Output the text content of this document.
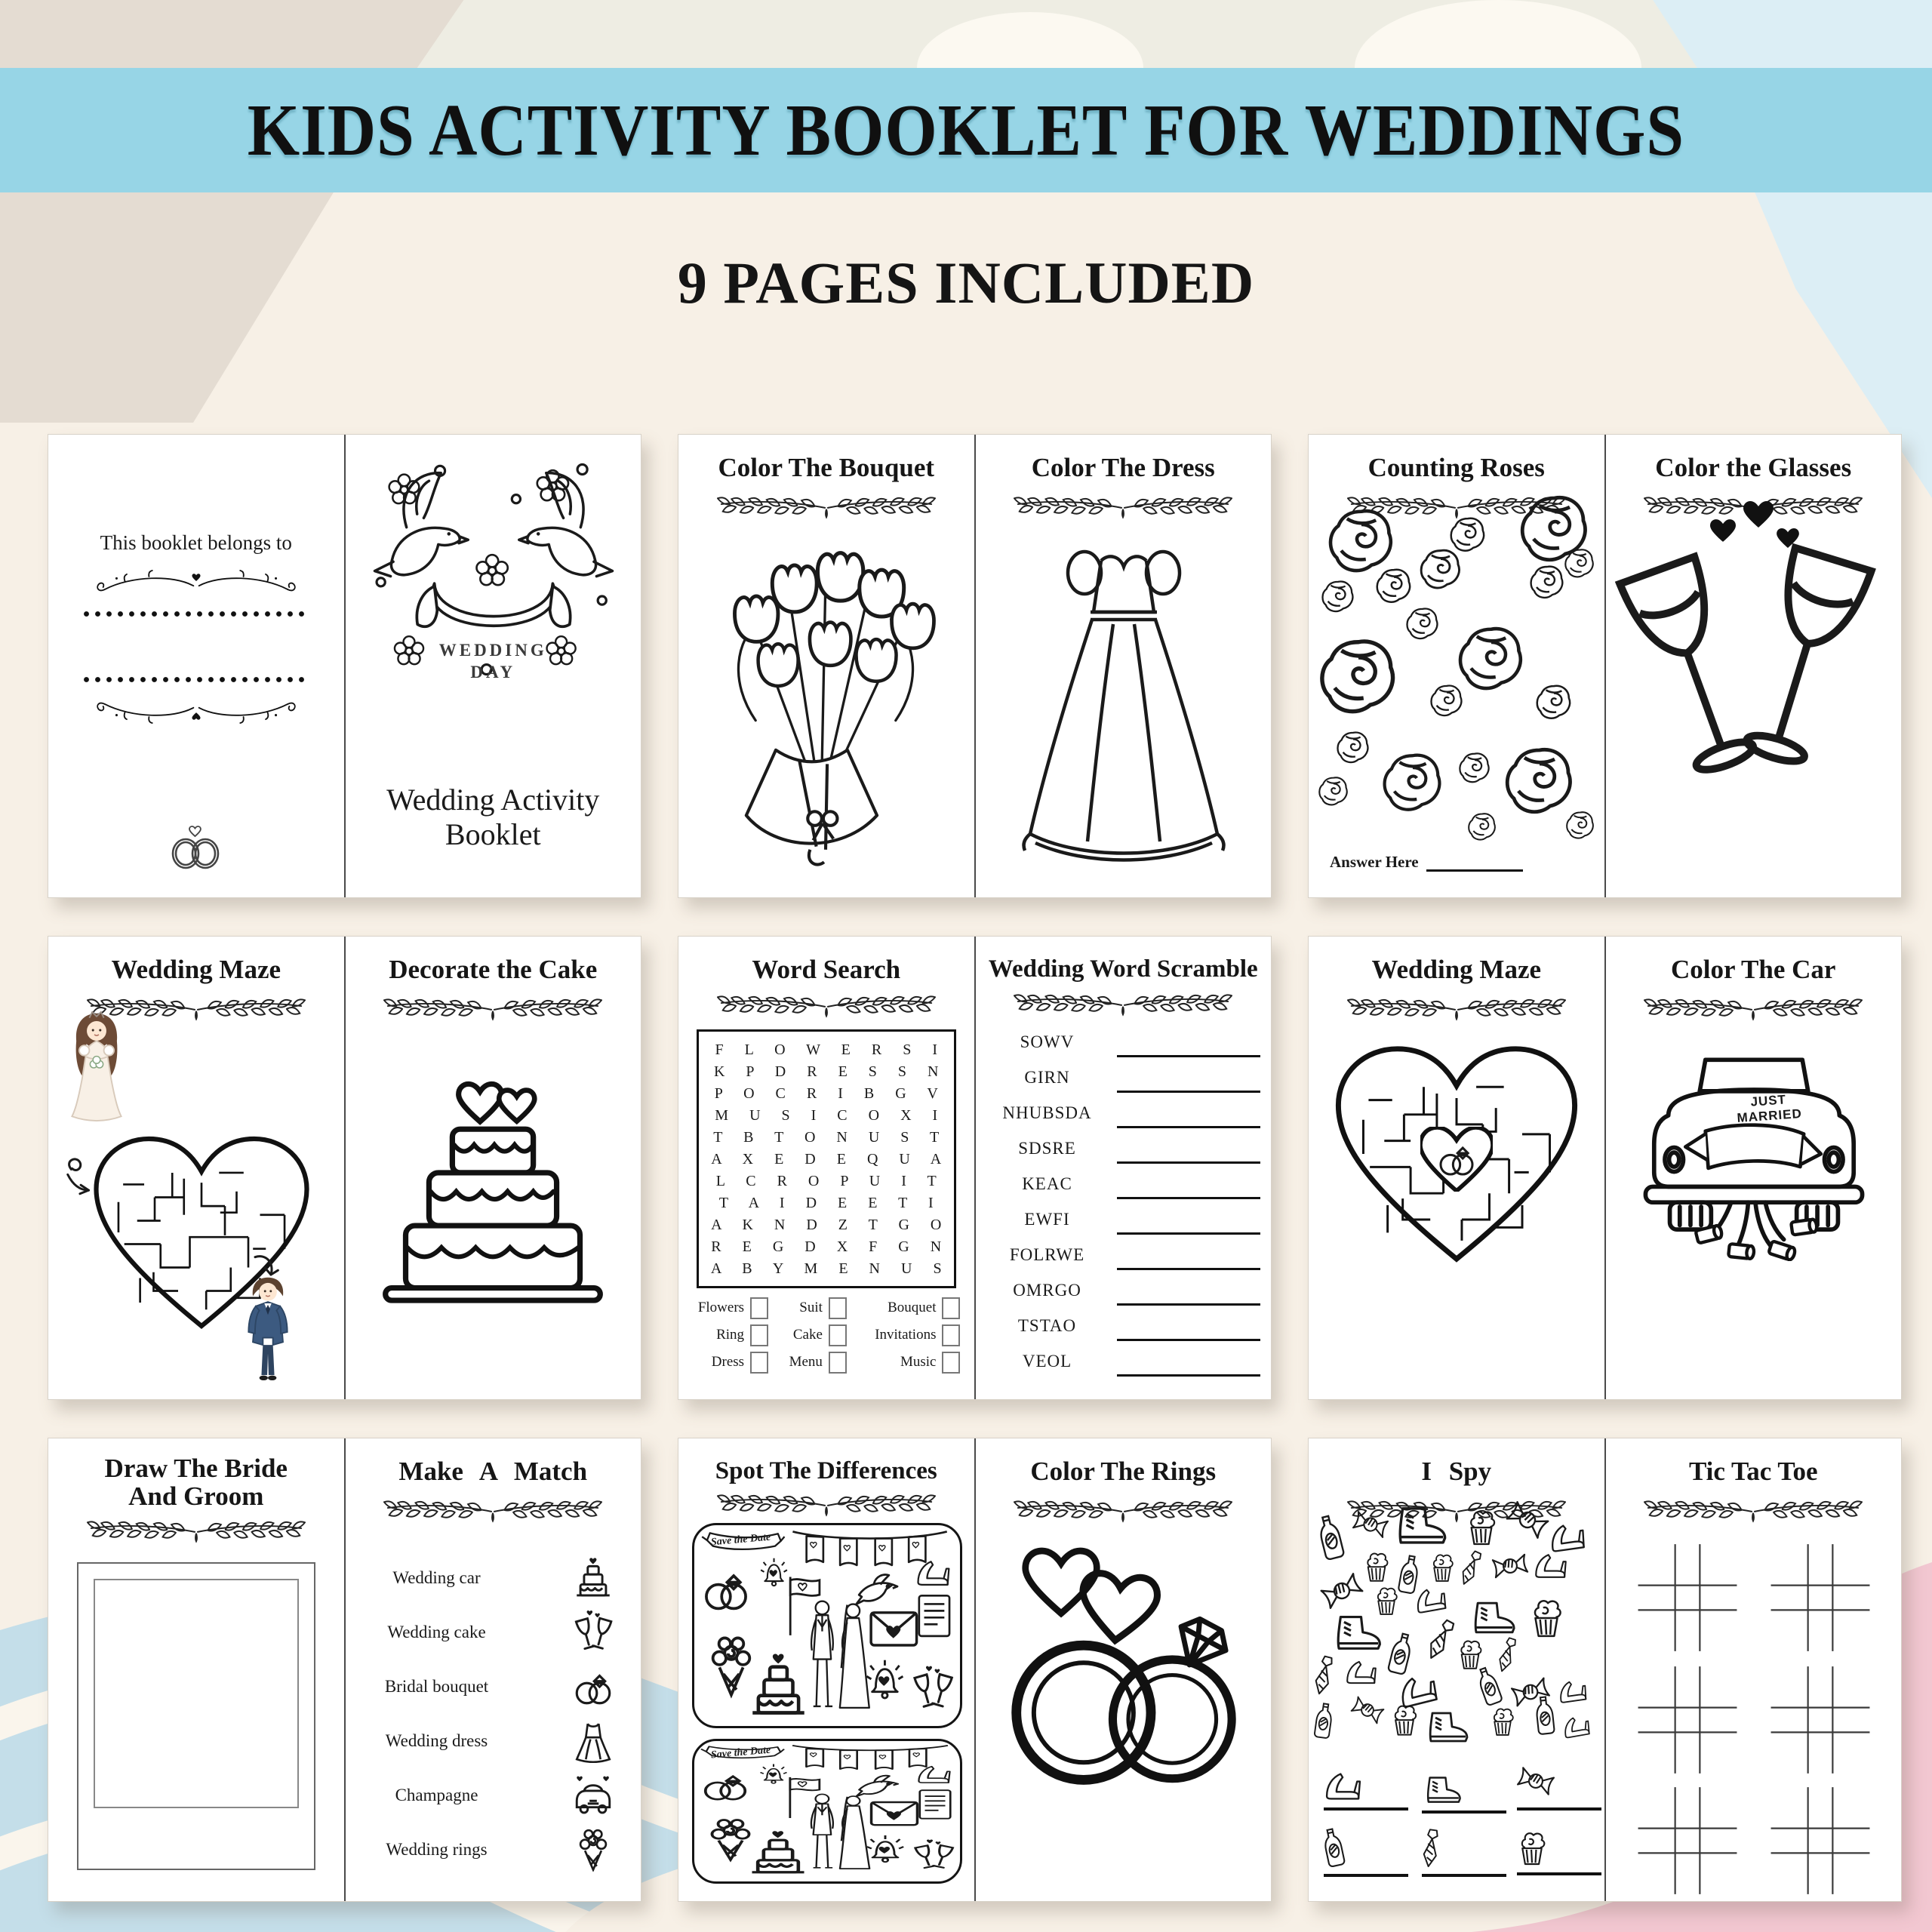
KIDS ACTIVITY BOOKLET FOR WEDDINGS
9 PAGES INCLUDED
This booklet belongs to
WEDDING DAY
Wedding Activity Booklet
Color The Bouquet	Color The Dress	Counting Roses
Answer Here
Color the Glasses
Wedding Maze	Decorate the Cake	Word Search
F L O W E R S I
K P D R E S S N
P O C R I B G V
M U S I C O X I
T B T O N U S T
A X E D E Q U A
L C R O P U I T
T A I D E E T I
A K N D Z T G O
R E G D X F G N
A B Y M E N U S
Flowers	Suit	Bouquet
Ring	Cake	Invitations
Dress	Menu	Music
Wedding Word Scramble
SOWV
GIRN
NHUBSDA
SDSRE
KEAC
EWFI
FOLRWE
OMRGO
TSTAO
VEOL
Wedding Maze	Color The Car
JUST MARRIED
Draw The Bride And Groom
Make A Match
Wedding car
Wedding cake
Bridal bouquet
Wedding dress
Champagne
Wedding rings
Spot The Differences
Save the Date
Save the Date
Color The Rings	I Spy	Tic Tac Toe
